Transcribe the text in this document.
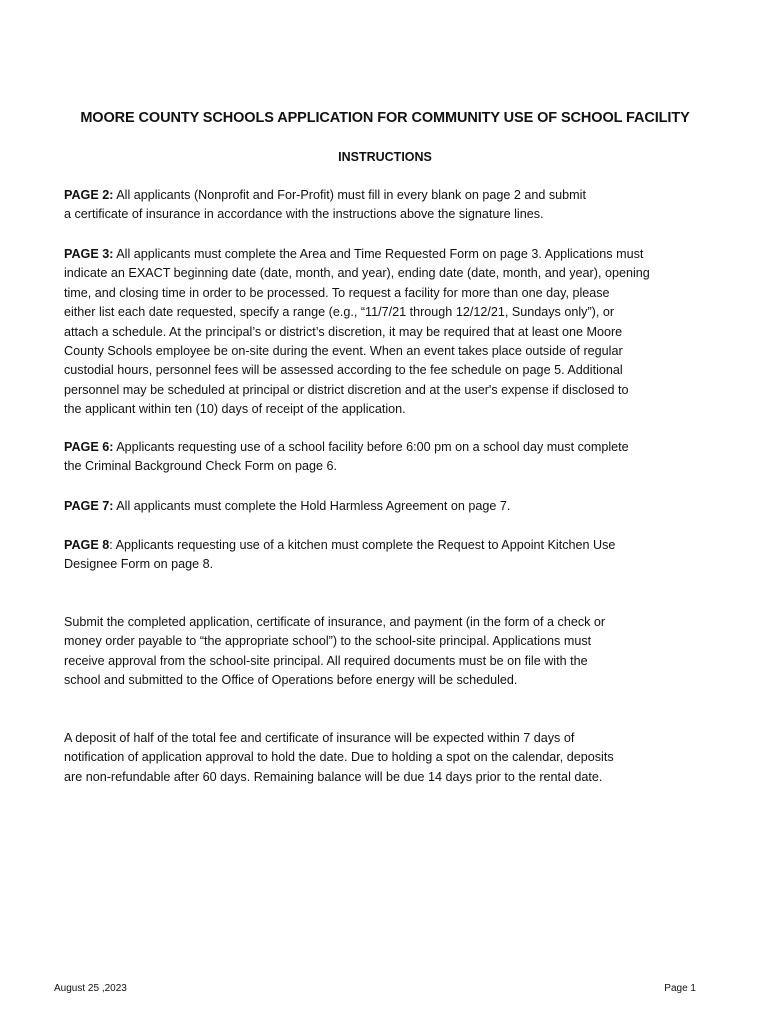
MOORE COUNTY SCHOOLS APPLICATION FOR COMMUNITY USE OF SCHOOL FACILITY
INSTRUCTIONS
PAGE 2: All applicants (Nonprofit and For-Profit) must fill in every blank on page 2 and submit
a certificate of insurance in accordance with the instructions above the signature lines.
PAGE 3: All applicants must complete the Area and Time Requested Form on page 3. Applications must
indicate an EXACT beginning date (date, month, and year), ending date (date, month, and year), opening
time, and closing time in order to be processed. To request a facility for more than one day, please
either list each date requested, specify a range (e.g., “11/7/21 through 12/12/21, Sundays only”), or
attach a schedule. At the principal’s or district’s discretion, it may be required that at least one Moore
County Schools employee be on-site during the event. When an event takes place outside of regular
custodial hours, personnel fees will be assessed according to the fee schedule on page 5. Additional
personnel may be scheduled at principal or district discretion and at the user's expense if disclosed to
the applicant within ten (10) days of receipt of the application.
PAGE 6: Applicants requesting use of a school facility before 6:00 pm on a school day must complete
the Criminal Background Check Form on page 6.
PAGE 7: All applicants must complete the Hold Harmless Agreement on page 7.
PAGE 8: Applicants requesting use of a kitchen must complete the Request to Appoint Kitchen Use
Designee Form on page 8.
Submit the completed application, certificate of insurance, and payment (in the form of a check or
money order payable to “the appropriate school”) to the school-site principal. Applications must
receive approval from the school-site principal. All required documents must be on file with the
school and submitted to the Office of Operations before energy will be scheduled.
A deposit of half of the total fee and certificate of insurance will be expected within 7 days of
notification of application approval to hold the date. Due to holding a spot on the calendar, deposits
are non-refundable after 60 days. Remaining balance will be due 14 days prior to the rental date.
August 25 ,2023	Page 1
